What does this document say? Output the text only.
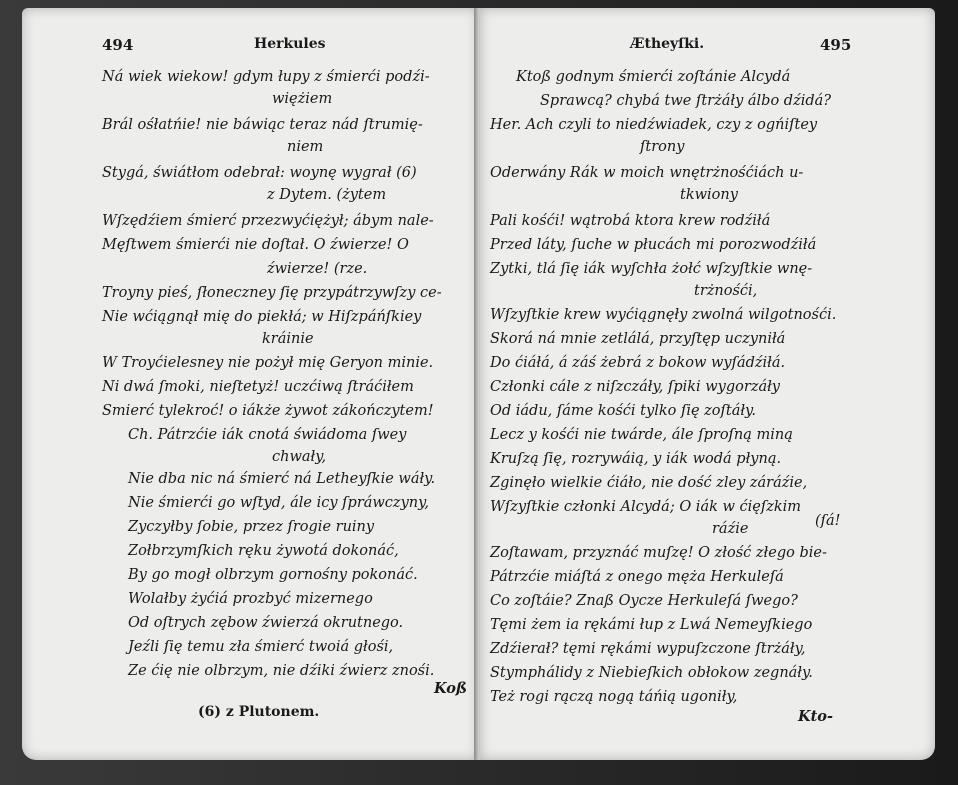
494	Herkules
Ná wiek wiekow! gdym łupy z śmierći podźi-
więżiem
Brál ośłatńie! nie báwiąc teraz nád ſtrumię-
niem
Stygá, świátłom odebrał: woynę wygrał (6)
z Dytem. (żytem
Wſzędźiem śmierć przezwyćiężył; ábym nale-
Męſtwem śmierći nie doſtał. O źwierze! O
źwierze! (rze.
Troyny pieś, ſłoneczney ſię przypátrzywſzy ce-
Nie wćiągnął mię do piekłá; w Hiſzpáńſkiey
kráinie
W Troyćielesney nie pożył mię Geryon minie.
Ni dwá ſmoki, nieſtetyż! uczćiwą ſtráćiłem
Smierć tylekroć! o iákże żywot zákończytem!
Ch. Pátrzćie iák cnotá świádoma ſwey
chwały,
Nie dba nic ná śmierć ná Letheyſkie wáły.
Nie śmierći go wſtyd, ále icy ſpráwczyny,
Zyczyłby ſobie, przez ſrogie ruiny
Zołbrzymſkich ręku żywotá dokonáć,
By go mogł olbrzym gornośny pokonáć.
Wolałby żyćiá prozbyć mizernego
Od oſtrych zębow źwierzá okrutnego.
Jeźli ſię temu zła śmierć twoiá głośi,
Ze ćię nie olbrzym, nie dźiki źwierz znośi.
Koß
(6) z Plutonem.
Ætheyſki.	495
Ktoß godnym śmierći zoſtánie Alcydá
Sprawcą? chybá twe ſtrżáły álbo dźidá?
Her. Ach czyli to niedźwiadek, czy z ogńiſtey
ſtrony
Oderwány Rák w moich wnętrżnośćiách u-
tkwiony
Pali kośći! wątrobá ktora krew rodźiłá
Przed láty, ſuche w płucách mi porozwodźiłá
Zytki, tlá ſię iák wyſchła żołć wſzyſtkie wnę-
trżnośći,
Wſzyſtkie krew wyćiągnęły zwolná wilgotnośći.
Skorá ná mnie zetlálá, przyſtęp uczyniłá
Do ćiáłá, á záś żebrá z bokow wyſádźiłá.
Członki cále z niſzczáły, ſpiki wygorzáły
Od iádu, ſáme kośći tylko ſię zoſtáły.
Lecz y kośći nie twárde, ále ſproſną miną
Kruſzą ſię, rozrywáią, y iák wodá płyną.
Zginęło wielkie ćiáło, nie dość zley záráźie,
Wſzyſtkie członki Alcydá; O iák w ćięſzkim
ráźie	(ſá!
Zoſtawam, przyznáć muſzę! O złość złego bie-
Pátrzćie miáſtá z onego męża Herkuleſá
Co zoſtáie? Znaß Oycze Herkuleſá ſwego?
Tęmi żem ia rękámi łup z Lwá Nemeyſkiego
Zdźierał? tęmi rękámi wypuſzczone ſtrżáły,
Stymphálidy z Niebieſkich obłokow zegnáły.
Też rogi rączą nogą táńią ugoniły,
Kto-
